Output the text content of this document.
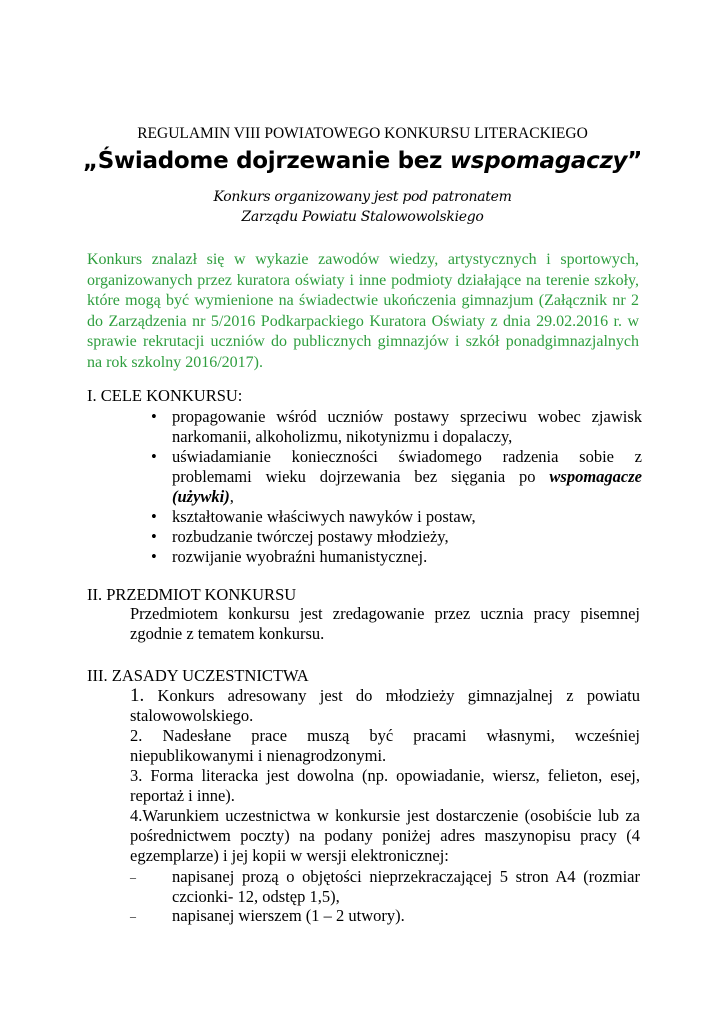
REGULAMIN VIII POWIATOWEGO KONKURSU LITERACKIEGO
„Świadome dojrzewanie bez wspomagaczy”
Konkurs organizowany jest pod patronatem
Zarządu Powiatu Stalowowolskiego
Konkurs znalazł się w wykazie zawodów wiedzy, artystycznych i sportowych, organizowanych przez kuratora oświaty i inne podmioty działające na terenie szkoły, które mogą być wymienione na świadectwie ukończenia gimnazjum (Załącznik nr 2 do Zarządzenia nr 5/2016 Podkarpackiego Kuratora Oświaty z dnia 29.02.2016 r. w sprawie rekrutacji uczniów do publicznych gimnazjów i szkół ponadgimnazjalnych na rok szkolny 2016/2017).
I. CELE KONKURSU:
• propagowanie wśród uczniów postawy sprzeciwu wobec zjawisk narkomanii, alkoholizmu, nikotynizmu i dopalaczy,
• uświadamianie konieczności świadomego radzenia sobie z problemami wieku dojrzewania bez sięgania po wspomagacze (używki),
• kształtowanie właściwych nawyków i postaw,
• rozbudzanie twórczej postawy młodzieży,
• rozwijanie wyobraźni humanistycznej.
II. PRZEDMIOT KONKURSU
Przedmiotem konkursu jest zredagowanie przez ucznia pracy pisemnej zgodnie z tematem konkursu.
III. ZASADY UCZESTNICTWA
1. Konkurs adresowany jest do młodzieży gimnazjalnej z powiatu stalowowolskiego.
2. Nadesłane prace muszą być pracami własnymi, wcześniej niepublikowanymi i nienagrodzonymi.
3. Forma literacka jest dowolna (np. opowiadanie, wiersz, felieton, esej, reportaż i inne).
4.Warunkiem uczestnictwa w konkursie jest dostarczenie (osobiście lub za pośrednictwem poczty) na podany poniżej adres maszynopisu pracy (4 egzemplarze) i jej kopii w wersji elektronicznej:
–	napisanej prozą o objętości nieprzekraczającej 5 stron A4 (rozmiar czcionki- 12, odstęp 1,5),
–	napisanej wierszem (1 – 2 utwory).
